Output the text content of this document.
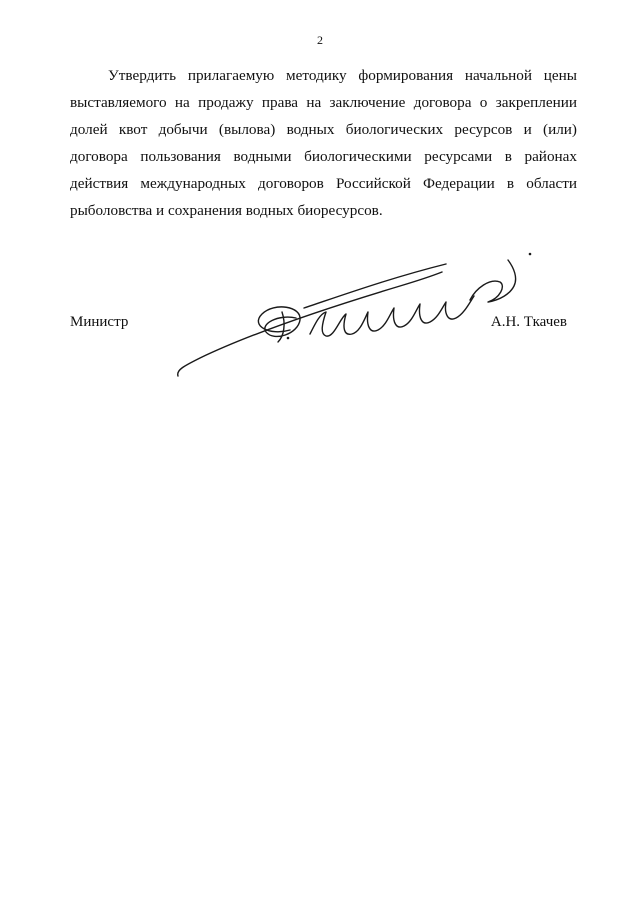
2

Утвердить прилагаемую методику формирования начальной цены выставляемого на продажу права на заключение договора о закреплении долей квот добычи (вылова) водных биологических ресурсов и (или) договора пользования водными биологическими ресурсами в районах действия международных договоров Российской Федерации в области рыболовства и сохранения водных биоресурсов.

Министр	А.Н. Ткачев
